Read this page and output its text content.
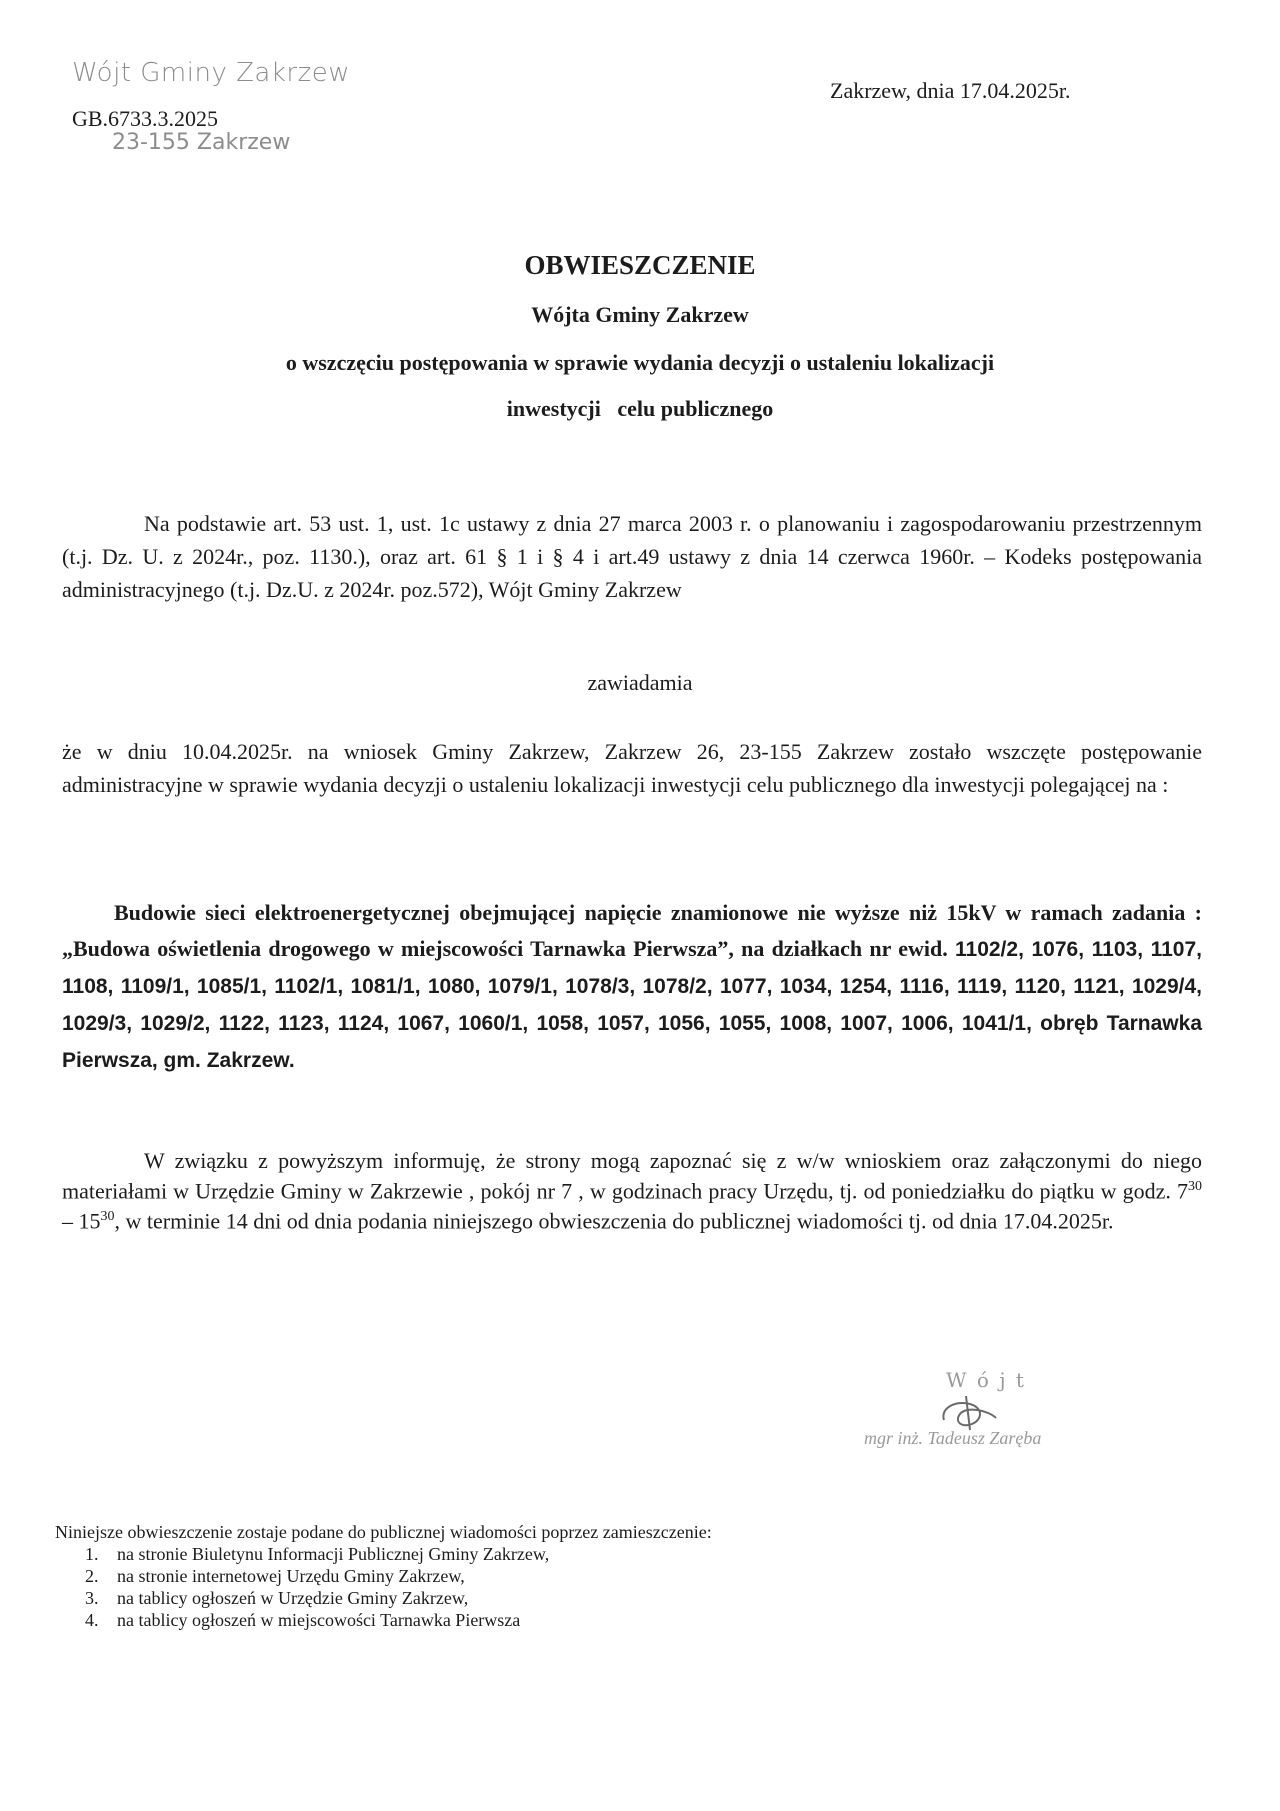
Wójt Gminy Zakrzew
GB.6733.3.2025
23-155 Zakrzew
Zakrzew, dnia 17.04.2025r.
OBWIESZCZENIE
Wójta Gminy Zakrzew
o wszczęciu postępowania w sprawie wydania decyzji o ustaleniu lokalizacji
inwestycji   celu publicznego

Na podstawie art. 53 ust. 1, ust. 1c ustawy z dnia 27 marca 2003 r. o planowaniu i zagospodarowaniu przestrzennym (t.j. Dz. U. z 2024r., poz. 1130.), oraz art. 61 § 1 i § 4 i art.49 ustawy z dnia 14 czerwca 1960r. – Kodeks postępowania administracyjnego (t.j. Dz.U. z 2024r. poz.572), Wójt Gminy Zakrzew

zawiadamia

że w dniu 10.04.2025r. na wniosek Gminy Zakrzew, Zakrzew 26, 23-155 Zakrzew zostało wszczęte postępowanie administracyjne w sprawie wydania decyzji o ustaleniu lokalizacji inwestycji celu publicznego dla inwestycji polegającej na :

Budowie sieci elektroenergetycznej obejmującej napięcie znamionowe nie wyższe niż 15kV w ramach zadania : „Budowa oświetlenia drogowego w miejscowości Tarnawka Pierwsza”, na działkach nr ewid. 1102/2, 1076, 1103, 1107, 1108, 1109/1, 1085/1, 1102/1, 1081/1, 1080, 1079/1, 1078/3, 1078/2, 1077, 1034, 1254, 1116, 1119, 1120, 1121, 1029/4, 1029/3, 1029/2, 1122, 1123, 1124, 1067, 1060/1, 1058, 1057, 1056, 1055, 1008, 1007, 1006, 1041/1, obręb Tarnawka Pierwsza, gm. Zakrzew.

W związku z powyższym informuję, że strony mogą zapoznać się z w/w wnioskiem oraz załączonymi do niego materiałami w Urzędzie Gminy w Zakrzewie , pokój nr 7 , w godzinach pracy Urzędu, tj. od poniedziałku do piątku w godz. $7^{30} - 15^{30}$, w terminie 14 dni od dnia podania niniejszego obwieszczenia do publicznej wiadomości tj. od dnia 17.04.2025r.

W ó j t
mgr inż. Tadeusz Zaręba
Niniejsze obwieszczenie zostaje podane do publicznej wiadomości poprzez zamieszczenie:
1. na stronie Biuletynu Informacji Publicznej Gminy Zakrzew,
2. na stronie internetowej Urzędu Gminy Zakrzew,
3. na tablicy ogłoszeń w Urzędzie Gminy Zakrzew,
4. na tablicy ogłoszeń w miejscowości Tarnawka Pierwsza
